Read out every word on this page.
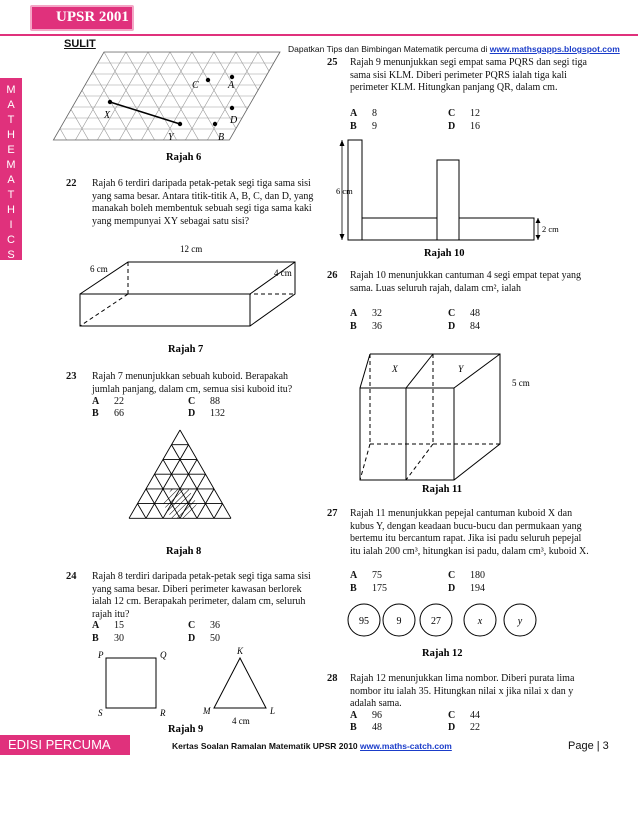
UPSR 2001
SULIT	Dapatkan Tips dan Bimbingan Matematik percuma di www.mathsgapps.blogspot.com
M
A
T
H
E
M
A
T
H
I
C
S
C	A
X	D
Y	B
Rajah 6
22 Rajah 6 terdiri daripada petak-petak segi tiga sama sisi yang sama besar. Antara titik-titik A, B, C, dan D, yang manakah boleh membentuk sebuah segi tiga sama kaki yang mempunyai XY sebagai satu sisi?
12 cm
6 cm	4 cm
Rajah 7
23 Rajah 7 menunjukkan sebuah kuboid. Berapakah jumlah panjang, dalam cm, semua sisi kuboid itu?
A 22	C 88
B 66	D 132
Rajah 8
24 Rajah 8 terdiri daripada petak-petak segi tiga sama sisi yang sama besar. Diberi perimeter kawasan berlorek ialah 12 cm. Berapakah perimeter, dalam cm, seluruh rajah itu?
A 15	C 36
B 30	D 50
P	Q
S	R
K
M	L
4 cm
Rajah 9
25 Rajah 9 menunjukkan segi empat sama PQRS dan segi tiga sama sisi KLM. Diberi perimeter PQRS ialah tiga kali perimeter KLM. Hitungkan panjang QR, dalam cm.
A 8	C 12
B 9	D 16
6 cm
2 cm
Rajah 10
26 Rajah 10 menunjukkan cantuman 4 segi empat tepat yang sama. Luas seluruh rajah, dalam cm², ialah
A 32	C 48
B 36	D 84
X	Y
5 cm
Rajah 11
27 Rajah 11 menunjukkan pepejal cantuman kuboid X dan kubus Y, dengan keadaan bucu-bucu dan permukaan yang bertemu itu bercantum rapat. Jika isi padu seluruh pepejal itu ialah 200 cm³, hitungkan isi padu, dalam cm³, kuboid X.
A 75	C 180
B 175	D 194
95	9	27	x	y
Rajah 12
28 Rajah 12 menunjukkan lima nombor. Diberi purata lima nombor itu ialah 35. Hitungkan nilai x jika nilai x dan y adalah sama.
A 96	C 44
B 48	D 22
EDISI PERCUMA	Kertas Soalan Ramalan Matematik UPSR 2010 www.maths-catch.com	Page | 3
